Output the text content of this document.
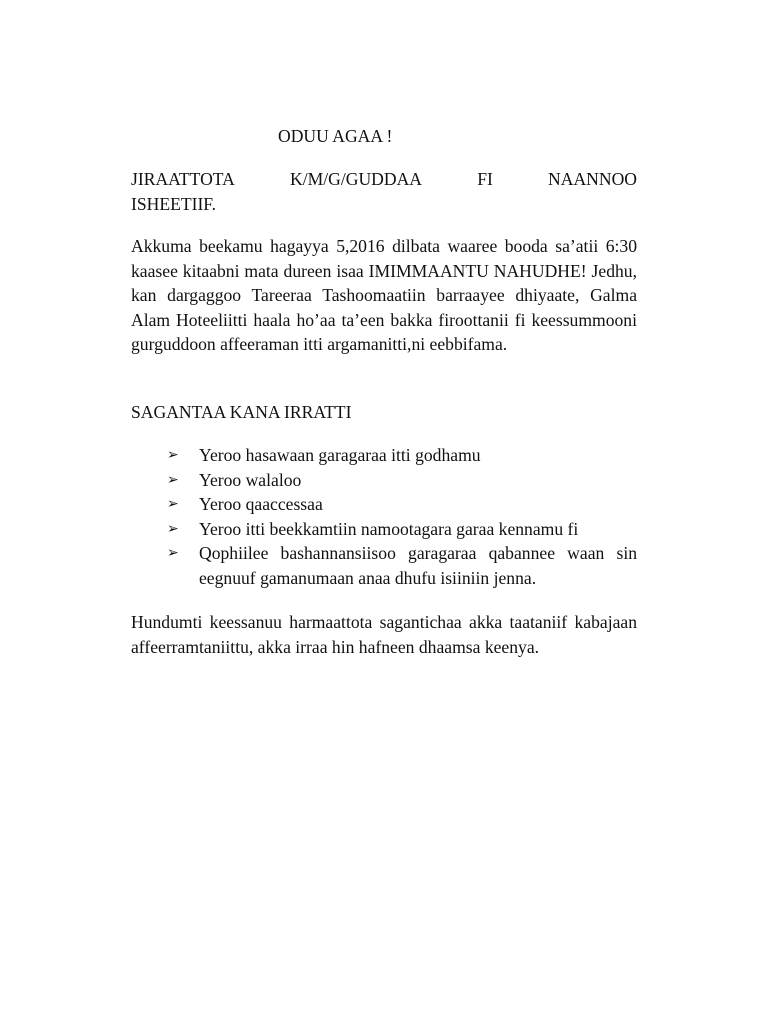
ODUU AGAA !
JIRAATTOTA	K/M/G/GUDDAA	FI	NAANNOO
ISHEETIIF.

Akkuma beekamu hagayya 5,2016 dilbata waaree booda sa’atii 6:30 kaasee kitaabni mata dureen isaa IMIMMAANTU NAHUDHE! Jedhu, kan dargaggoo Tareeraa Tashoomaatiin barraayee dhiyaate, Galma Alam Hoteeliitti haala ho’aa ta’een bakka firoottanii fi keessummooni gurguddoon affeeraman itti argamanitti,ni eebbifama.

SAGANTAA KANA IRRATTI
➢ Yeroo hasawaan garagaraa itti godhamu
➢ Yeroo walaloo
➢ Yeroo qaaccessaa
➢ Yeroo itti beekkamtiin namootagara garaa kennamu fi
➢ Qophiilee bashannansiisoo garagaraa qabannee waan sin eegnuuf gamanumaan anaa dhufu isiiniin jenna.

Hundumti keessanuu harmaattota sagantichaa akka taataniif kabajaan affeerramtaniittu, akka irraa hin hafneen dhaamsa keenya.
